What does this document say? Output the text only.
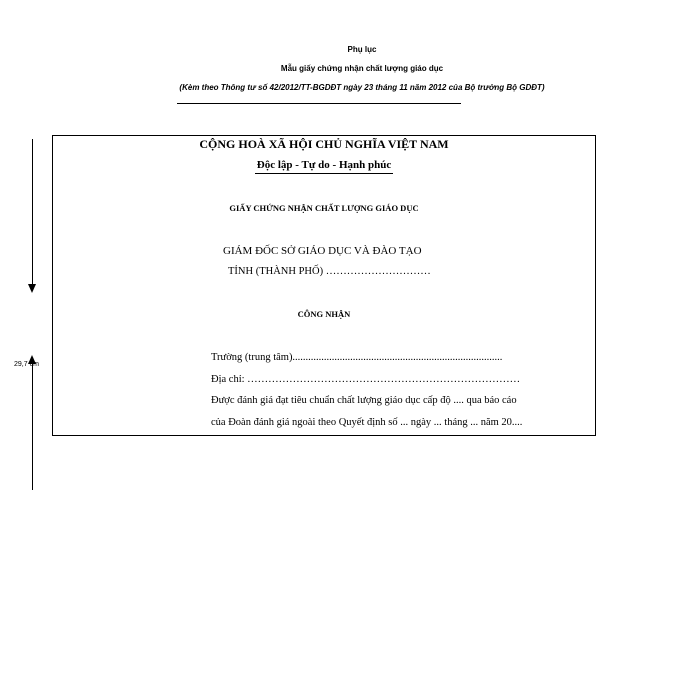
Phụ lục
Mẫu giấy chứng nhận chất lượng giáo dục
(Kèm theo Thông tư số 42/2012/TT-BGDĐT ngày 23 tháng 11 năm 2012 của Bộ trưởng Bộ GDĐT)
29,7 cm
CỘNG HOÀ XÃ HỘI CHỦ NGHĨA VIỆT NAM
Độc lập - Tự do - Hạnh phúc
GIẤY CHỨNG NHẬN CHẤT LƯỢNG GIÁO DỤC
GIÁM ĐỐC SỞ GIÁO DỤC VÀ ĐÀO TẠO
TỈNH (THÀNH PHỐ) …………………………
CÔNG NHẬN
Trường (trung tâm)................................................................................
Địa chỉ: ……………………………………………………………………
Được đánh giá đạt tiêu chuẩn chất lượng giáo dục cấp độ .... qua báo cáo
của Đoàn đánh giá ngoài theo Quyết định số ... ngày ... tháng ... năm 20....
